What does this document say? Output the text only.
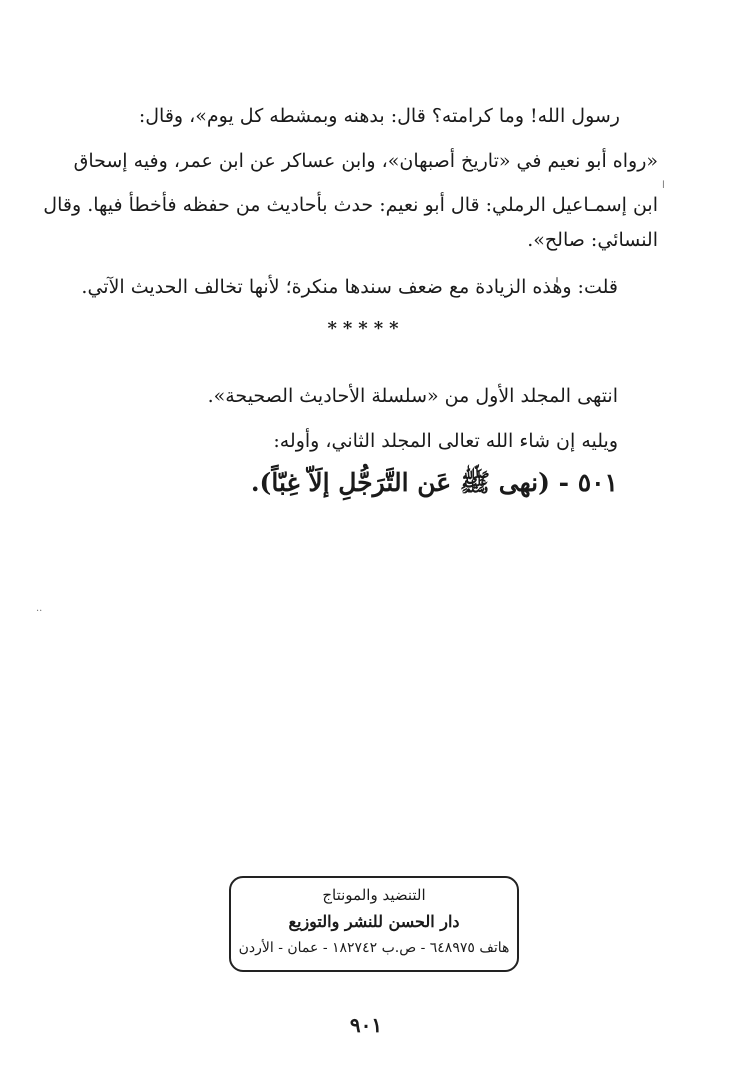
رسول الله! وما كرامته؟ قال: بدهنه وبمشطه كل يوم»، وقال:
«رواه أبو نعيم في «تاريخ أصبهان»، وابن عساكر عن ابن عمر، وفيه إسحاق
ابن إسمـاعيل الرملي: قال أبو نعيم: حدث بأحاديث من حفظه فأخطأ فيها. وقال
النسائي: صالح».
قلت: وهٰذه الزيادة مع ضعف سندها منكرة؛ لأنها تخالف الحديث الآتي.
*****
انتهى المجلد الأول من «سلسلة الأحاديث الصحيحة».
ويليه إن شاء الله تعالى المجلد الثاني، وأوله:
٥٠١ - (نهى ﷺ عَن التَّرَجُّلِ إلَاّ غِبّاً).
ا
··
التنضيد والمونتاج
دار الحسن للنشر والتوزيع
هاتف ٦٤٨٩٧٥ - ص.ب ١٨٢٧٤٢ - عمان - الأردن
٩٠١
